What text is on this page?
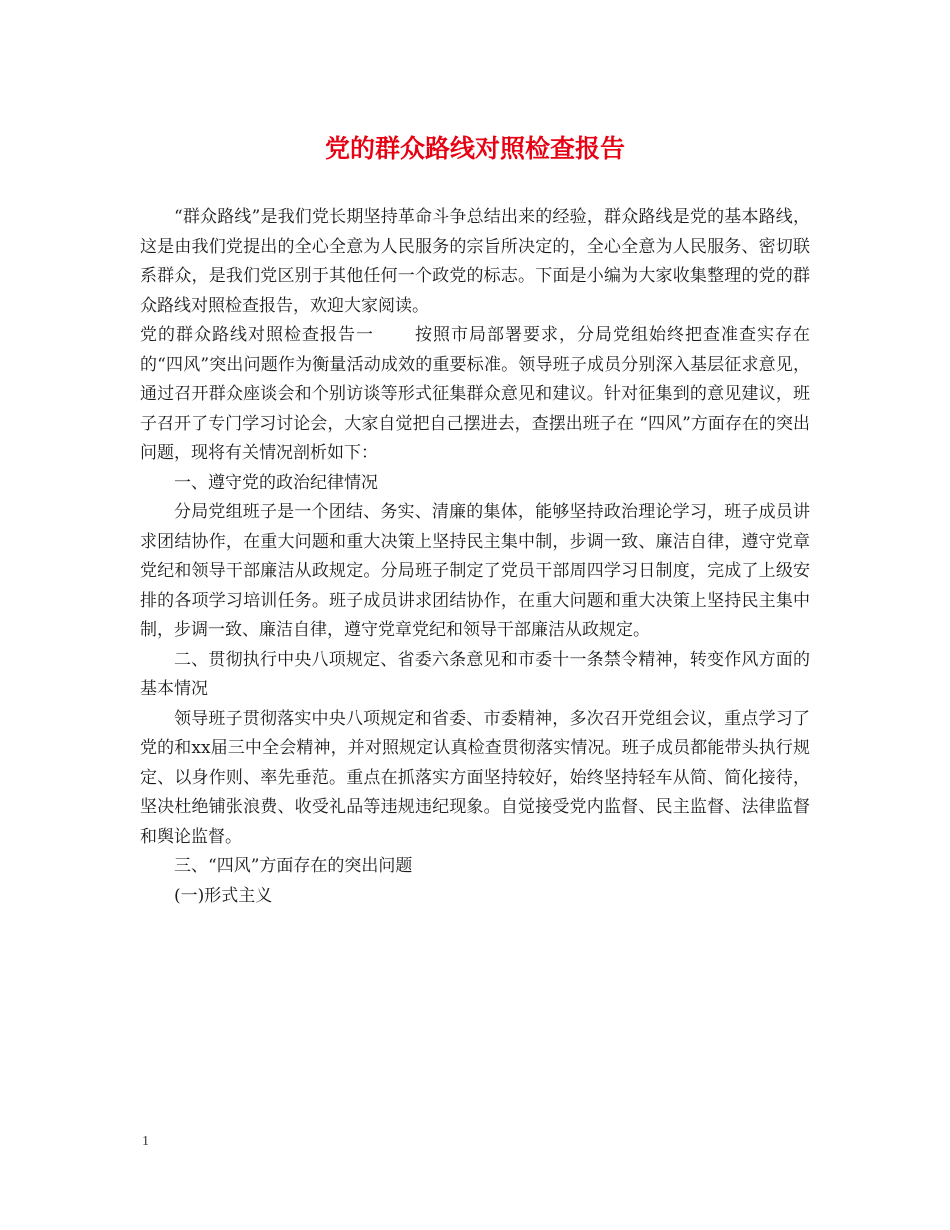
党的群众路线对照检查报告

“群众路线”是我们党长期坚持革命斗争总结出来的经验，群众路线是党的基本路线，这是由我们党提出的全心全意为人民服务的宗旨所决定的，全心全意为人民服务、密切联系群众，是我们党区别于其他任何一个政党的标志。下面是小编为大家收集整理的党的群众路线对照检查报告，欢迎大家阅读。

党的群众路线对照检查报告一 按照市局部署要求，分局党组始终把查准查实存在的“四风”突出问题作为衡量活动成效的重要标准。领导班子成员分别深入基层征求意见，通过召开群众座谈会和个别访谈等形式征集群众意见和建议。针对征集到的意见建议，班子召开了专门学习讨论会，大家自觉把自己摆进去，查摆出班子在 “四风”方面存在的突出问题，现将有关情况剖析如下：

一、遵守党的政治纪律情况

分局党组班子是一个团结、务实、清廉的集体，能够坚持政治理论学习，班子成员讲求团结协作，在重大问题和重大决策上坚持民主集中制，步调一致、廉洁自律，遵守党章党纪和领导干部廉洁从政规定。分局班子制定了党员干部周四学习日制度，完成了上级安排的各项学习培训任务。班子成员讲求团结协作，在重大问题和重大决策上坚持民主集中制，步调一致、廉洁自律，遵守党章党纪和领导干部廉洁从政规定。

二、贯彻执行中央八项规定、省委六条意见和市委十一条禁令精神，转变作风方面的基本情况

领导班子贯彻落实中央八项规定和省委、市委精神，多次召开党组会议，重点学习了党的和xx届三中全会精神，并对照规定认真检查贯彻落实情况。班子成员都能带头执行规定、以身作则、率先垂范。重点在抓落实方面坚持较好，始终坚持轻车从简、简化接待，坚决杜绝铺张浪费、收受礼品等违规违纪现象。自觉接受党内监督、民主监督、法律监督和舆论监督。

三、“四风”方面存在的突出问题

(一)形式主义

1
